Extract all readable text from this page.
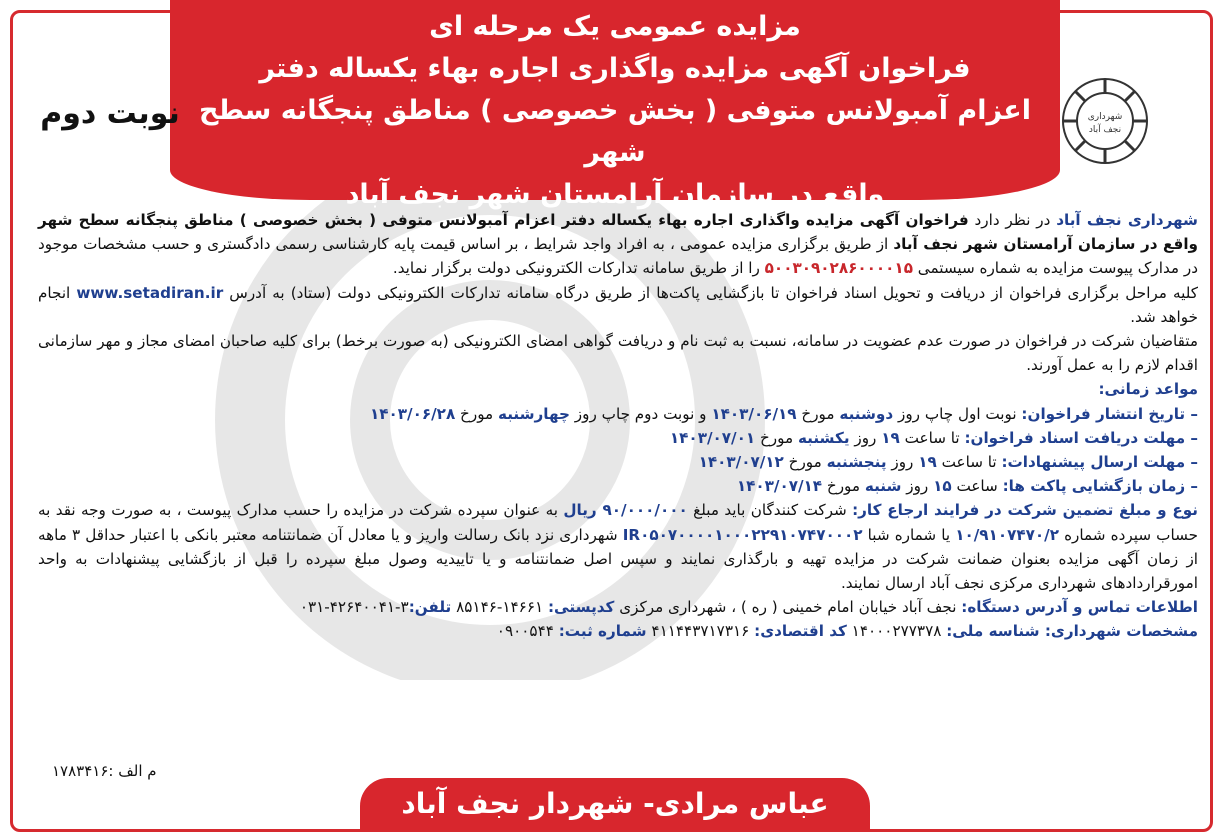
مزایده عمومی یک مرحله ای
فراخوان آگهی مزایده واگذاری اجاره بهاء یکساله دفتر
اعزام آمبولانس متوفی ( بخش خصوصی ) مناطق پنجگانه سطح شهر
واقع در سازمان آرامستان شهر نجف آباد
شهرداری
نجف آباد
نوبت دوم

شهرداری نجف آباد در نظر دارد فراخوان آگهی مزایده واگذاری اجاره بهاء یکساله دفتر اعزام آمبولانس متوفی ( بخش خصوصی ) مناطق پنجگانه سطح شهر واقع در سازمان آرامستان شهر نجف آباد از طریق برگزاری مزایده عمومی ، به افراد واجد شرایط ، بر اساس قیمت پایه کارشناسی رسمی دادگستری و حسب مشخصات موجود در مدارک پیوست مزایده به شماره سیستمی ۵۰۰۳۰۹۰۲۸۶۰۰۰۰۱۵ را از طریق سامانه تدارکات الکترونیکی دولت برگزار نماید.

کلیه مراحل برگزاری فراخوان از دریافت و تحویل اسناد فراخوان تا بازگشایی پاکت‌ها از طریق درگاه سامانه تدارکات الکترونیکی دولت (ستاد) به آدرس www.setadiran.ir انجام خواهد شد.

متقاضیان شرکت در فراخوان در صورت عدم عضویت در سامانه، نسبت به ثبت نام و دریافت گواهی امضای الکترونیکی (به صورت برخط) برای کلیه صاحبان امضای مجاز و مهر سازمانی اقدام لازم را به عمل آورند.

مواعد زمانی:

– تاریخ انتشار فراخوان: نوبت اول چاپ روز دوشنبه مورخ ۱۴۰۳/۰۶/۱۹ و نوبت دوم چاپ روز چهارشنبه مورخ ۱۴۰۳/۰۶/۲۸

– مهلت دریافت اسناد فراخوان: تا ساعت ۱۹ روز یکشنبه مورخ ۱۴۰۳/۰۷/۰۱

– مهلت ارسال پیشنهادات: تا ساعت ۱۹ روز پنجشنبه مورخ ۱۴۰۳/۰۷/۱۲

– زمان بازگشایی پاکت ها: ساعت ۱۵ روز شنبه مورخ ۱۴۰۳/۰۷/۱۴

نوع و مبلغ تضمین شرکت در فرایند ارجاع کار: شرکت کنندگان باید مبلغ ۹۰/۰۰۰/۰۰۰ ریال به عنوان سپرده شرکت در مزایده را حسب مدارک پیوست ، به صورت وجه نقد به حساب سپرده شماره ۱۰/۹۱۰۷۴۷۰/۲ یا شماره شبا IR۰۵۰۷۰۰۰۰۱۰۰۰۲۲۹۱۰۷۴۷۰۰۰۲ شهرداری نزد بانک رسالت واریز و یا معادل آن ضمانتنامه معتبر بانکی با اعتبار حداقل ۳ ماهه از زمان آگهی مزایده بعنوان ضمانت شرکت در مزایده تهیه و بارگذاری نمایند و سپس اصل ضمانتنامه و یا تاییدیه وصول مبلغ سپرده را قبل از بازگشایی پیشنهادات به واحد امورقراردادهای شهرداری مرکزی نجف آباد ارسال نمایند.

اطلاعات تماس و آدرس دستگاه: نجف آباد خیابان امام خمینی ( ره ) ، شهرداری مرکزی کدپستی: ۸۵۱۴۶-۱۴۶۶۱ تلفن: ۰۳۱-۴۲۶۴۰۰۴۱-۳

مشخصات شهرداری: شناسه ملی: ۱۴۰۰۰۲۷۷۳۷۸ کد اقتصادی: ۴۱۱۴۴۳۷۱۷۳۱۶ شماره ثبت: ۰۹۰۰۵۴۴

م الف :۱۷۸۳۴۱۶
عباس مرادی- شهردار نجف آباد
